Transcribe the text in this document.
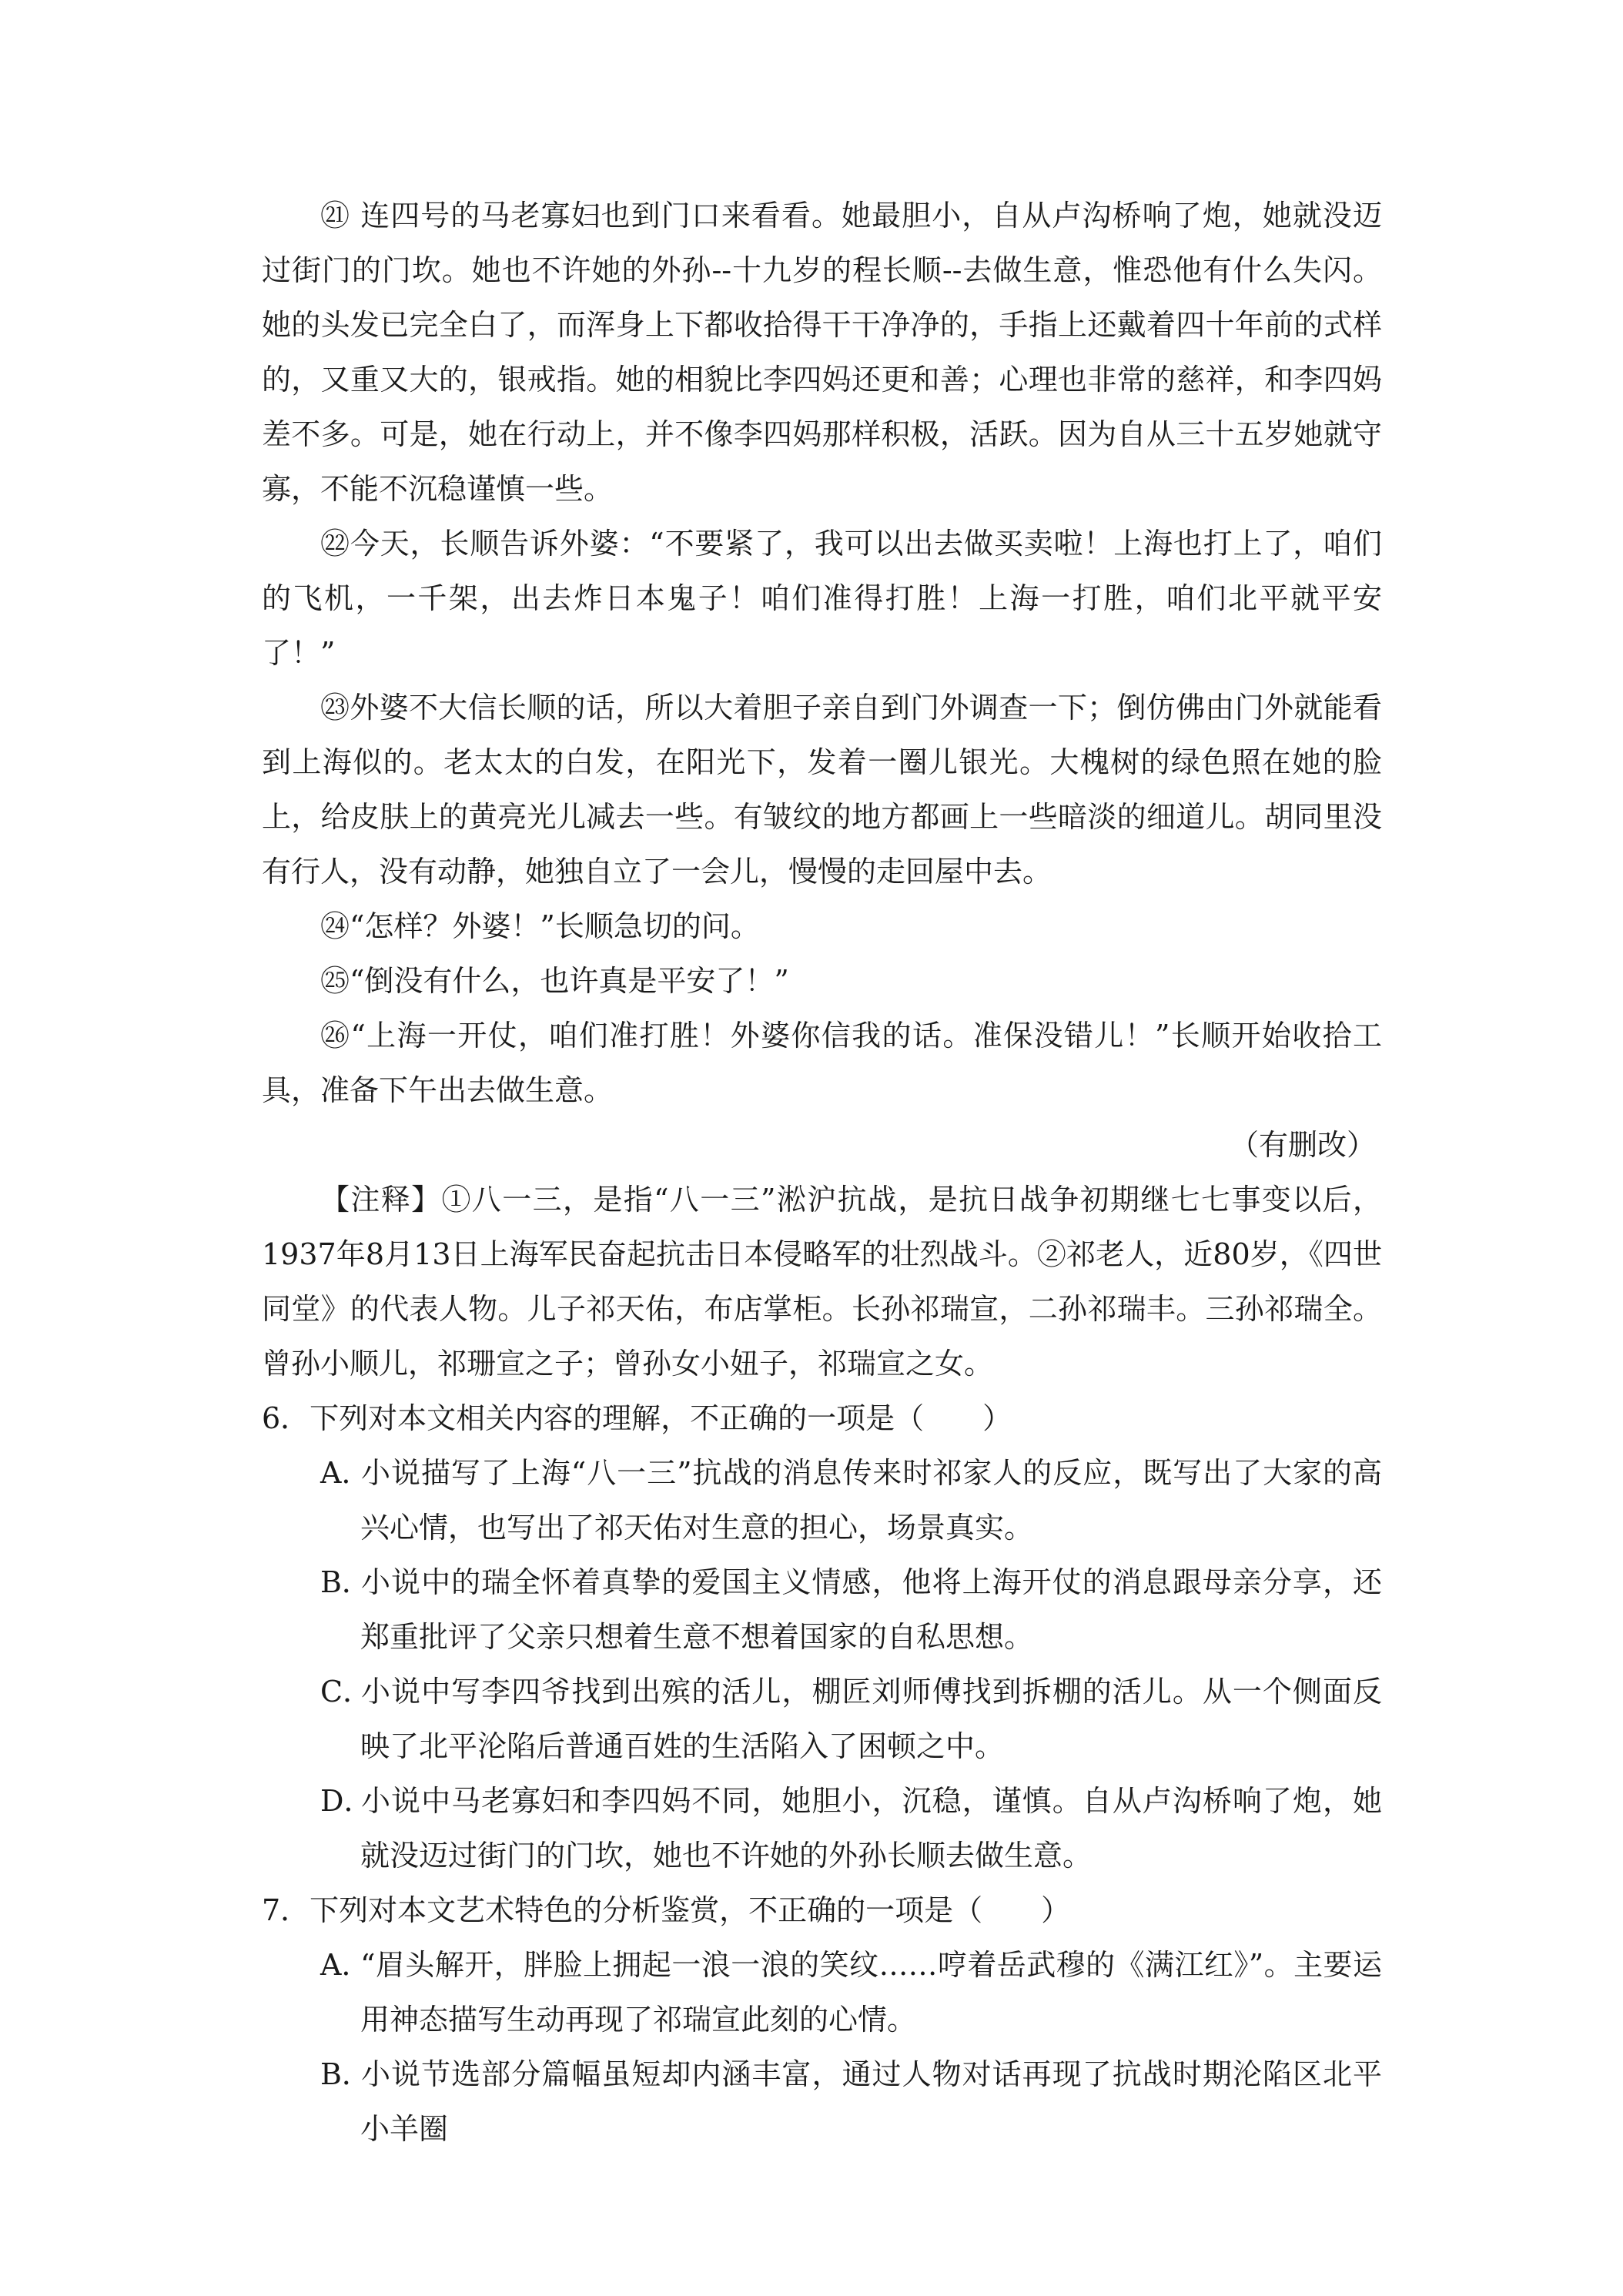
㉑ 连四号的马老寡妇也到门口来看看。她最胆小，自从卢沟桥响了炮，她就没迈过街门的门坎。她也不许她的外孙--十九岁的程长顺--去做生意，惟恐他有什么失闪。她的头发已完全白了，而浑身上下都收拾得干干净净的，手指上还戴着四十年前的式样的，又重又大的，银戒指。她的相貌比李四妈还更和善；心理也非常的慈祥，和李四妈差不多。可是，她在行动上，并不像李四妈那样积极，活跃。因为自从三十五岁她就守寡，不能不沉稳谨慎一些。

㉒今天，长顺告诉外婆：“不要紧了，我可以出去做买卖啦！上海也打上了，咱们的飞机，一千架，出去炸日本鬼子！咱们准得打胜！上海一打胜，咱们北平就平安了！”

㉓外婆不大信长顺的话，所以大着胆子亲自到门外调查一下；倒仿佛由门外就能看到上海似的。老太太的白发，在阳光下，发着一圈儿银光。大槐树的绿色照在她的脸上，给皮肤上的黄亮光儿减去一些。有皱纹的地方都画上一些暗淡的细道儿。胡同里没有行人，没有动静，她独自立了一会儿，慢慢的走回屋中去。

㉔“怎样？外婆！”长顺急切的问。

㉕“倒没有什么，也许真是平安了！”

㉖“上海一开仗，咱们准打胜！外婆你信我的话。准保没错儿！”长顺开始收拾工具，准备下午出去做生意。

（有删改）

【注释】①八一三，是指“八一三”淞沪抗战，是抗日战争初期继七七事变以后，1937年8月13日上海军民奋起抗击日本侵略军的壮烈战斗。②祁老人，近80岁，《四世同堂》的代表人物。儿子祁天佑，布店掌柜。长孙祁瑞宣，二孙祁瑞丰。三孙祁瑞全。曾孙小顺儿，祁珊宣之子；曾孙女小妞子，祁瑞宣之女。

6．下列对本文相关内容的理解，不正确的一项是（　　）

A．小说描写了上海“八一三”抗战的消息传来时祁家人的反应，既写出了大家的高兴心情，也写出了祁天佑对生意的担心，场景真实。

B．小说中的瑞全怀着真挚的爱国主义情感，他将上海开仗的消息跟母亲分享，还郑重批评了父亲只想着生意不想着国家的自私思想。

C．小说中写李四爷找到出殡的活儿，棚匠刘师傅找到拆棚的活儿。从一个侧面反映了北平沦陷后普通百姓的生活陷入了困顿之中。

D．小说中马老寡妇和李四妈不同，她胆小，沉稳，谨慎。自从卢沟桥响了炮，她就没迈过街门的门坎，她也不许她的外孙长顺去做生意。

7．下列对本文艺术特色的分析鉴赏，不正确的一项是（　　）

A．“眉头解开，胖脸上拥起一浪一浪的笑纹……哼着岳武穆的《满江红》”。主要运用神态描写生动再现了祁瑞宣此刻的心情。

B．小说节选部分篇幅虽短却内涵丰富，通过人物对话再现了抗战时期沦陷区北平小羊圈
